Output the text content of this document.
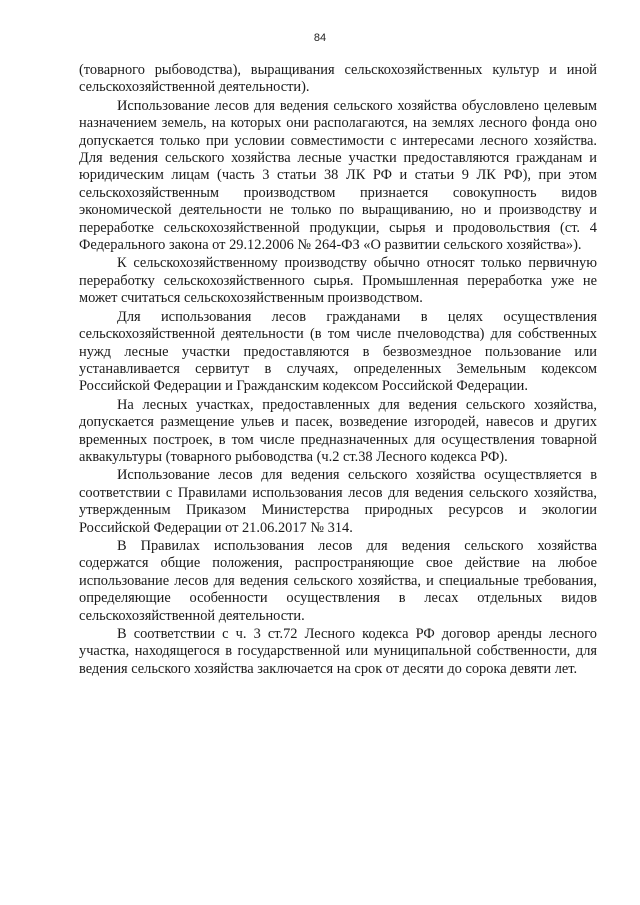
84

(товарного рыбоводства), выращивания сельскохозяйственных культур и иной сельскохозяйственной деятельности).

Использование лесов для ведения сельского хозяйства обусловлено целевым назначением земель, на которых они располагаются, на землях лесного фонда оно допускается только при условии совместимости с интересами лесного хозяйства. Для ведения сельского хозяйства лесные участки предоставляются гражданам и юридическим лицам (часть 3 статьи 38 ЛК РФ и статьи 9 ЛК РФ), при этом сельскохозяйственным производством признается совокупность видов экономической деятельности не только по выращиванию, но и производству и переработке сельскохозяйственной продукции, сырья и продовольствия (ст. 4 Федерального закона от 29.12.2006 № 264-ФЗ «О развитии сельского хозяйства»).

К сельскохозяйственному производству обычно относят только первичную переработку сельскохозяйственного сырья. Промышленная переработка уже не может считаться сельскохозяйственным производством.

Для использования лесов гражданами в целях осуществления сельскохозяйственной деятельности (в том числе пчеловодства) для собственных нужд лесные участки предоставляются в безвозмездное пользование или устанавливается сервитут в случаях, определенных Земельным кодексом Российской Федерации и Гражданским кодексом Российской Федерации.

На лесных участках, предоставленных для ведения сельского хозяйства, допускается размещение ульев и пасек, возведение изгородей, навесов и других временных построек, в том числе предназначенных для осуществления товарной аквакультуры (товарного рыбоводства (ч.2 ст.38 Лесного кодекса РФ).

Использование лесов для ведения сельского хозяйства осуществляется в соответствии с Правилами использования лесов для ведения сельского хозяйства, утвержденным Приказом Министерства природных ресурсов и экологии Российской Федерации от 21.06.2017 № 314.

В Правилах использования лесов для ведения сельского хозяйства содержатся общие положения, распространяющие свое действие на любое использование лесов для ведения сельского хозяйства, и специальные требования, определяющие особенности осуществления в лесах отдельных видов сельскохозяйственной деятельности.

В соответствии с ч. 3 ст.72 Лесного кодекса РФ договор аренды лесного участка, находящегося в государственной или муниципальной собственности, для ведения сельского хозяйства заключается на срок от десяти до сорока девяти лет.
